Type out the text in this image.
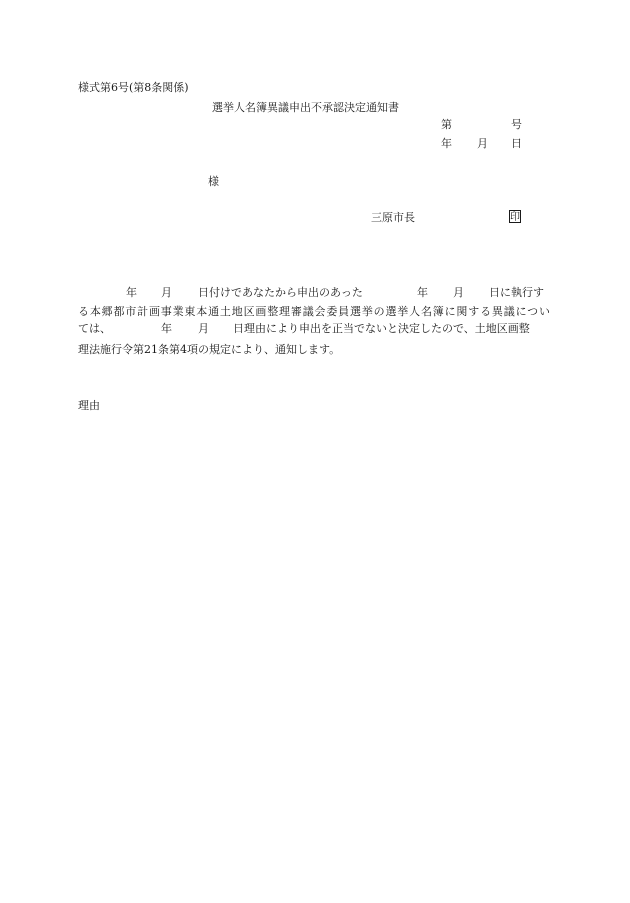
様式第6号(第8条関係)
選挙人名簿異議申出不承認決定通知書
第	号
年 月 日
様
三原市長	印
年 月 日付けであなたから申出のあった	年 月 日に執行す
る本郷都市計画事業東本通土地区画整理審議会委員選挙の選挙人名簿に関する異議につい
ては、	年 月 日理由により申出を正当でないと決定したので、土地区画整
理法施行令第21条第4項の規定により、通知します。
理由
